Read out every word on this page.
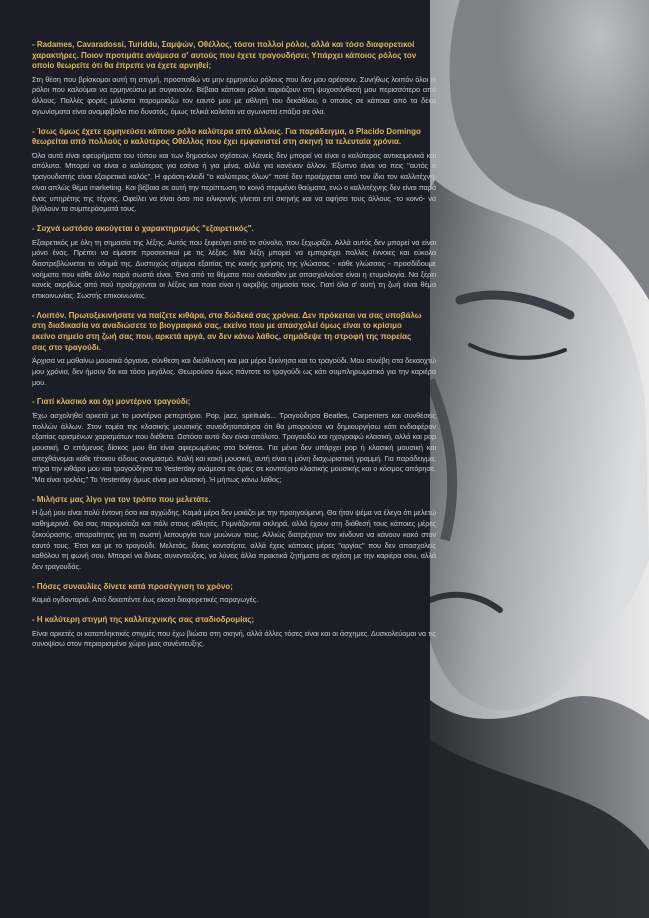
- Radames, Cavaradossi, Turiddu, Σαμψών, Οθέλλος, τόσοι πολλοί ρόλοι, αλλά και τόσο διαφορετικοί χαρακτήρες. Ποιον προτιμάτε ανάμεσα σ' αυτούς που έχετε τραγουδήσει; Υπάρχει κάποιος ρόλος τον οποίο θεωρείτε ότι θα έπρεπε να έχετε αρνηθεί;

Στη θέση που βρίσκομαι αυτή τη στιγμή, προσπαθώ να μην ερμηνεύω ρόλους που δεν μου αρέσουν. Συνήθως λοιπόν όλοι οι ρόλοι που καλούμαι να ερμηνεύσω με συγκινούν. Βέβαια κάποιοι ρόλοι ταιριάζουν στη ψυχοσύνθεσή μου περισσότερο από άλλους. Πολλές φορές μάλιστα παρομοιάζω τον εαυτό μου με αθλητή του δεκάθλου, ο οποίος σε κάποια από τα δέκα αγωνίσματα είναι αναμφίβολα πιο δυνατός, όμως τελικά καλείται να αγωνιστεί επάξια σε όλα.

- Ίσως όμως έχετε ερμηνεύσει κάποιο ρόλο καλύτερα από άλλους. Για παράδειγμα, ο Placido Domingo θεωρείται από πολλούς ο καλύτερος Οθέλλος που έχει εμφανιστεί στη σκηνή τα τελευταία χρόνια.

Όλα αυτά είναι εφευρήματα του τύπου και των δημοσίων σχέσεων. Κανείς δεν μπορεί να είναι ο καλύτερος αντικειμενικά και απόλυτα. Μπορεί να είναι ο καλύτερος για εσένα ή για μένα, αλλά για κανέναν άλλον. Έξυπνο είναι να πεις "αυτός ο τραγουδιστής είναι εξαιρετικά καλός". Η φράση-κλειδί "ο καλύτερος όλων" ποτέ δεν προέρχεται από τον ίδιο τον καλλιτέχνη, είναι απλώς θέμα marketing. Και βέβαια σε αυτή την περίπτωση το κοινό περιμένει θαύματα, ενώ ο καλλιτέχνης δεν είναι παρά ένας υπηρέτης της τέχνης. Οφείλει να είναι όσο πιο ειλικρινής γίνεται επί σκηνής και να αφήσει τους άλλους -το κοινό- να βγάλουν τα συμπεράσματά τους.

- Συχνά ωστόσο ακούγεται ο χαρακτηρισμός "εξαιρετικός".

Εξαιρετικός με όλη τη σημασία της λέξης. Αυτός που ξεφεύγει από το σύνολο, που ξεχωρίζει. Αλλά αυτός δεν μπορεί να είναι μόνο ένας. Πρέπει να είμαστε προσεκτικοί με τις λέξεις. Μια λέξη μπορεί να εμπεριέχει πολλές έννοιες και εύκολα διαστρεβλώνεται το νόημά της. Δυστυχώς σήμερα εξαιτίας της κακής χρήσης της γλώσσας - κάθε γλώσσας - προσδίδουμε νοήματα που κάθε άλλο παρά σωστά είναι. Ένα από τα θέματα που ανέκαθεν με απασχολούσε είναι η ετυμολογία. Να ξέρει κανείς ακριβώς από πού προέρχονται οι λέξεις και ποια είναι η ακριβής σημασία τους. Γιατί όλα σ' αυτή τη ζωή είναι θέμα επικοινωνίας. Σωστής επικοινωνίας.

- Λοιπόν. Πρωτοξεκινήσατε να παίζετε κιθάρα, στα δώδεκά σας χρόνια. Δεν πρόκειται να σας υποβάλω στη διαδικασία να αναδιώσετε το βιογραφικό σας, εκείνο που με απασχολεί όμως είναι το κρίσιμο εκείνο σημείο στη ζωή σας που, αρκετά αργά, αν δεν κάνω λάθος, σημάδεψε τη στροφή της πορείας σας στο τραγούδι.

Άρχισα να μαθαίνω μουσικά όργανα, σύνθεση και διεύθυνση και μια μέρα ξεκίνησα και το τραγούδι. Μου συνέβη στα δεκαοχτώ μου χρόνια, δεν ήμουν δα και τόσο μεγάλος. Θεωρούσα όμως πάντοτε το τραγούδι ως κάτι συμπληρωματικό για την καριέρα μου.

- Γιατί κλασικό και όχι μοντέρνο τραγούδι;

Έχω ασχοληθεί αρκετά με το μοντέρνο ρεπερτόριο. Pop, jazz, spirituals... Τραγούδησα Beatles, Carpenters και συνθέσεις πολλών άλλων. Στον τομέα της κλασικής μουσικής συνειδητοποίησα ότι θα μπορούσα να δημιουργήσω κάτι ενδιαφέρον εξαιτίας ορισμένων χαρισμάτων που διέθετα. Ωστόσο αυτό δεν είναι απόλυτο. Τραγουδώ και ηχογραφώ κλασική, αλλά και pop μουσική. Ο επόμενος δίσκος μου θα είναι αφιερωμένος στα boleros. Για μένα δεν υπάρχει pop ή κλασική μουσική και απεχθάνομαι κάθε τέτοιου είδους ονομασμό. Καλή και κακή μουσική, αυτή είναι η μόνη διαχωριστική γραμμή. Για παράδειγμα, πήρα την κιθάρα μου και τραγούδησα το Yesterday ανάμεσα σε άριες σε κοντσέρτο κλασικής μουσικής και ο κόσμος απόρησε. "Μα είναι τρελός;" Το Yesterday όμως είναι μια κλασική. Ή μήπως κάνω λάθος;

- Μιλήστε μας λίγο για τον τρόπο που μελετάτε.

Η ζωή μου είναι πολύ έντονη όσο και αγχώδης. Καμιά μέρα δεν μοιάζει με την προηγούμενη. Θα ήταν ψέμα να έλεγα ότι μελετώ καθημερινά. Θα σας παρομοίαζα και πάλι στους αθλητές. Γυμνάζονται σκληρά, αλλά έχουν στη διάθεσή τους κάποιες μέρες ξεκούρασης, απαραίτητες για τη σωστή λειτουργία των μυώνων τους. Αλλιώς διατρέχουν τον κίνδυνο να κάνουν κακό στον εαυτό τους. Έτσι και με το τραγούδι. Μελετάς, δίνεις κοντσέρτα, αλλά έχεις κάποιες μέρες "αργίας" που δεν απασχολείς καθόλου τη φωνή σου. Μπορεί να δίνεις συνεντεύξεις, να λύνεις άλλα πρακτικά ζητήματα σε σχέση με την καριέρα σου, αλλά δεν τραγουδάς.

- Πόσες συναυλίες δίνετε κατά προσέγγιση το χρόνο;

Καμιά ογδονταριά. Από δεκαπέντε έως είκοσι διαφορετικές παραγωγές.

- Η καλύτερη στιγμή της καλλιτεχνικής σας σταδιοδρομίας;

Είναι αρκετές οι καταπληκτικές στιγμές που έχω βιώσει στη σκηνή, αλλά άλλες τόσες είναι και οι άσχημες. Δυσκολεύομαι να τις συνοψίσω στον περιορισμένο χώρο μιας συνέντευξης.
